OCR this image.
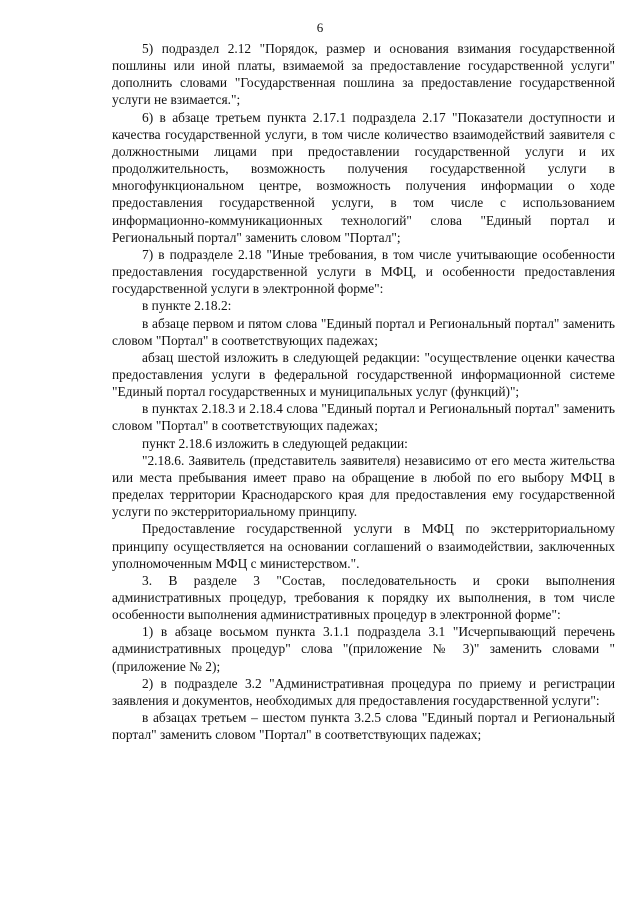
6

5) подраздел 2.12 "Порядок, размер и основания взимания государственной пошлины или иной платы, взимаемой за предоставление государственной услуги" дополнить словами "Государственная пошлина за предоставление государственной услуги не взимается.";

6) в абзаце третьем пункта 2.17.1 подраздела 2.17 "Показатели доступности и качества государственной услуги, в том числе количество взаимодействий заявителя с должностными лицами при предоставлении государственной услуги и их продолжительность, возможность получения государственной услуги в многофункциональном центре, возможность получения информации о ходе предоставления государственной услуги, в том числе с использованием информационно-коммуникационных технологий" слова "Единый портал и Региональный портал" заменить словом "Портал";

7) в подразделе 2.18 "Иные требования, в том числе учитывающие особенности предоставления государственной услуги в МФЦ, и особенности предоставления государственной услуги в электронной форме":

в пункте 2.18.2:

в абзаце первом и пятом слова "Единый портал и Региональный портал" заменить словом "Портал" в соответствующих падежах;

абзац шестой изложить в следующей редакции: "осуществление оценки качества предоставления услуги в федеральной государственной информационной системе "Единый портал государственных и муниципальных услуг (функций)";

в пунктах 2.18.3 и 2.18.4 слова "Единый портал и Региональный портал" заменить словом "Портал" в соответствующих падежах;

пункт 2.18.6 изложить в следующей редакции:

"2.18.6. Заявитель (представитель заявителя) независимо от его места жительства или места пребывания имеет право на обращение в любой по его выбору МФЦ в пределах территории Краснодарского края для предоставления ему государственной услуги по экстерриториальному принципу.

Предоставление государственной услуги в МФЦ по экстерриториальному принципу осуществляется на основании соглашений о взаимодействии, заключенных уполномоченным МФЦ с министерством.".

3. В разделе 3 "Состав, последовательность и сроки выполнения административных процедур, требования к порядку их выполнения, в том числе особенности выполнения административных процедур в электронной форме":

1) в абзаце восьмом пункта 3.1.1 подраздела 3.1 "Исчерпывающий перечень административных процедур" слова "(приложение № 3)" заменить словами " (приложение № 2);

2) в подразделе 3.2 "Административная процедура по приему и регистрации заявления и документов, необходимых для предоставления государственной услуги":

в абзацах третьем – шестом пункта 3.2.5 слова "Единый портал и Региональный портал" заменить словом "Портал" в соответствующих падежах;
